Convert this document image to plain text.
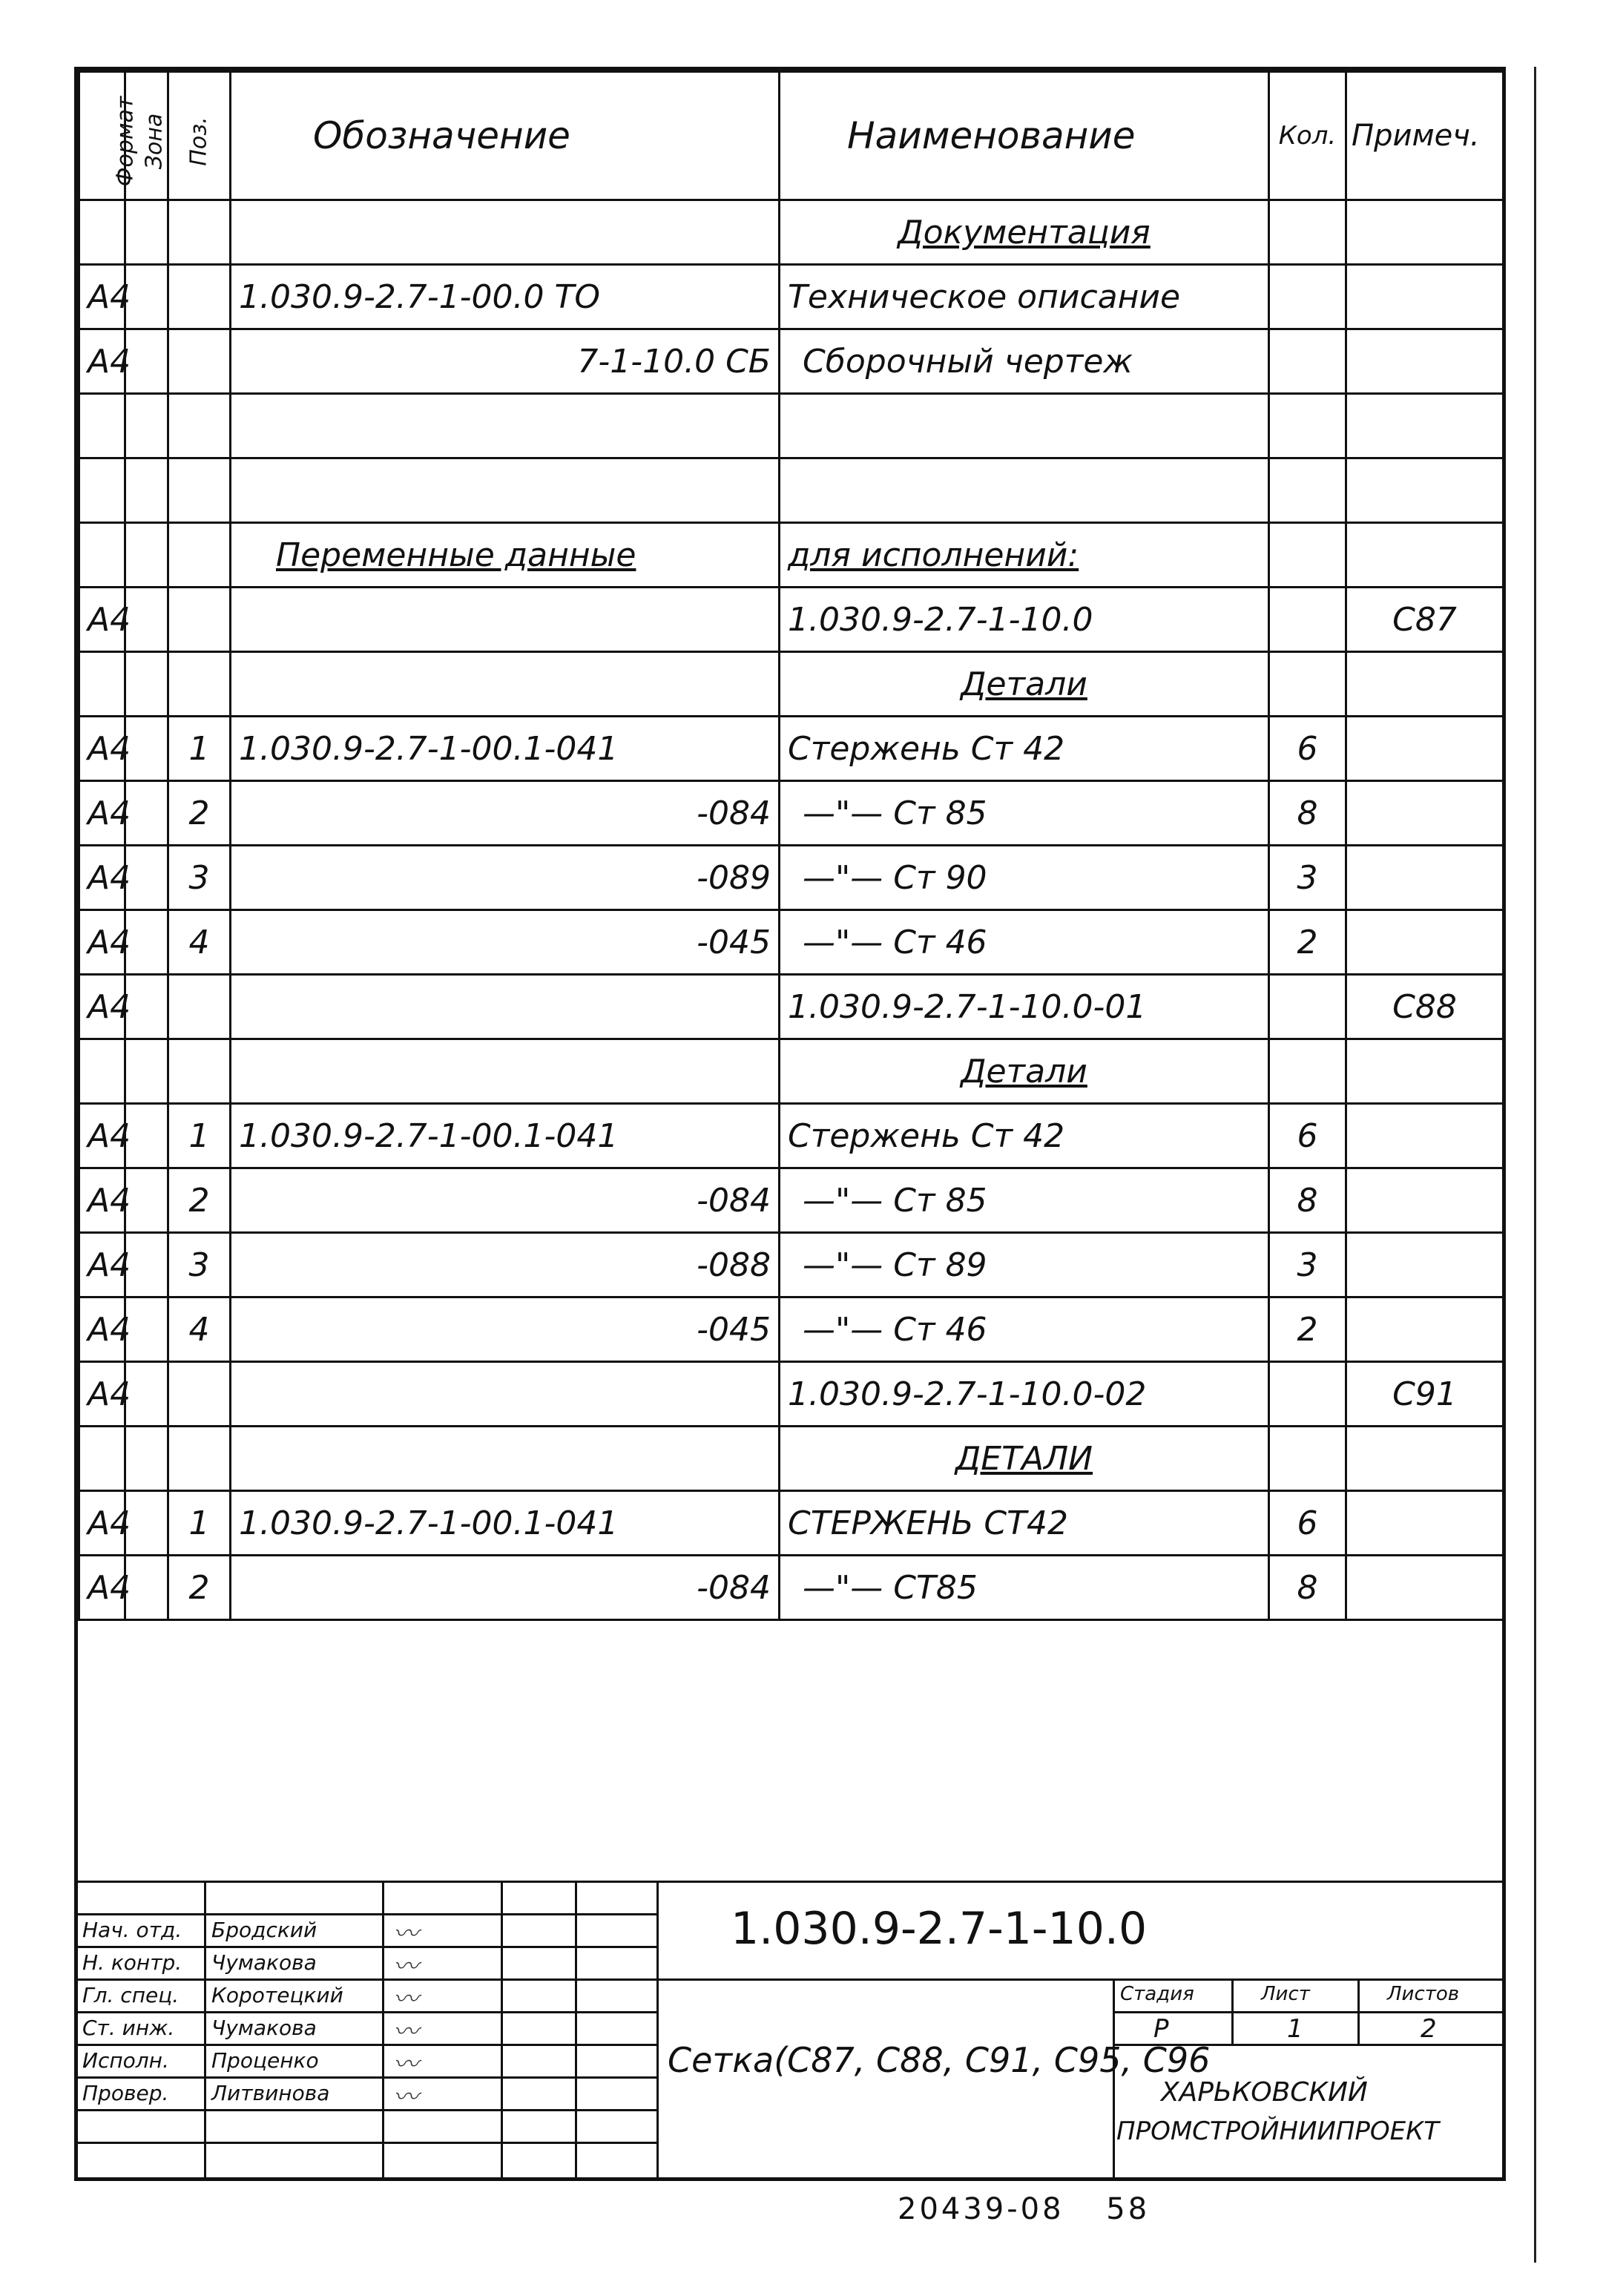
Формат	Зона	Поз.	Обозначение	Наименование	Кол.	Примеч.
				Документация		
А4			1.030.9-2.7-1-00.0 ТО	Техническое описание		
А4			7-1-10.0 СБ	Сборочный чертеж		

			Переменные данные	для исполнений:		
А4				1.030.9-2.7-1-10.0		С87
				Детали		
А4		1	1.030.9-2.7-1-00.1-041	Стержень Ст 42	6	
А4		2	-084	—"— Ст 85	8	
А4		3	-089	—"— Ст 90	3	
А4		4	-045	—"— Ст 46	2	
А4				1.030.9-2.7-1-10.0-01		С88
				Детали		
А4		1	1.030.9-2.7-1-00.1-041	Стержень Ст 42	6	
А4		2	-084	—"— Ст 85	8	
А4		3	-088	—"— Ст 89	3	
А4		4	-045	—"— Ст 46	2	
А4				1.030.9-2.7-1-10.0-02		С91
				ДЕТАЛИ		
А4		1	1.030.9-2.7-1-00.1-041	СТЕРЖЕНЬ СТ42	6	
А4		2	-084	—"— СТ85	8	
Нач. отд. Бродский	〰
Н. контр. Чумакова	〰
Гл. спец. Коротецкий 〰
Ст. инж. Чумакова	〰
Исполн. Проценко	〰
Провер. Литвинова	〰
1.030.9-2.7-1-10.0
Сетка(С87, С88, С91, С95, С96
Стадия	Лист	Листов
Р	1	2
ХАРЬКОВСКИЙ
ПРОМСТРОЙНИИПРОЕКТ
20439-08 58
